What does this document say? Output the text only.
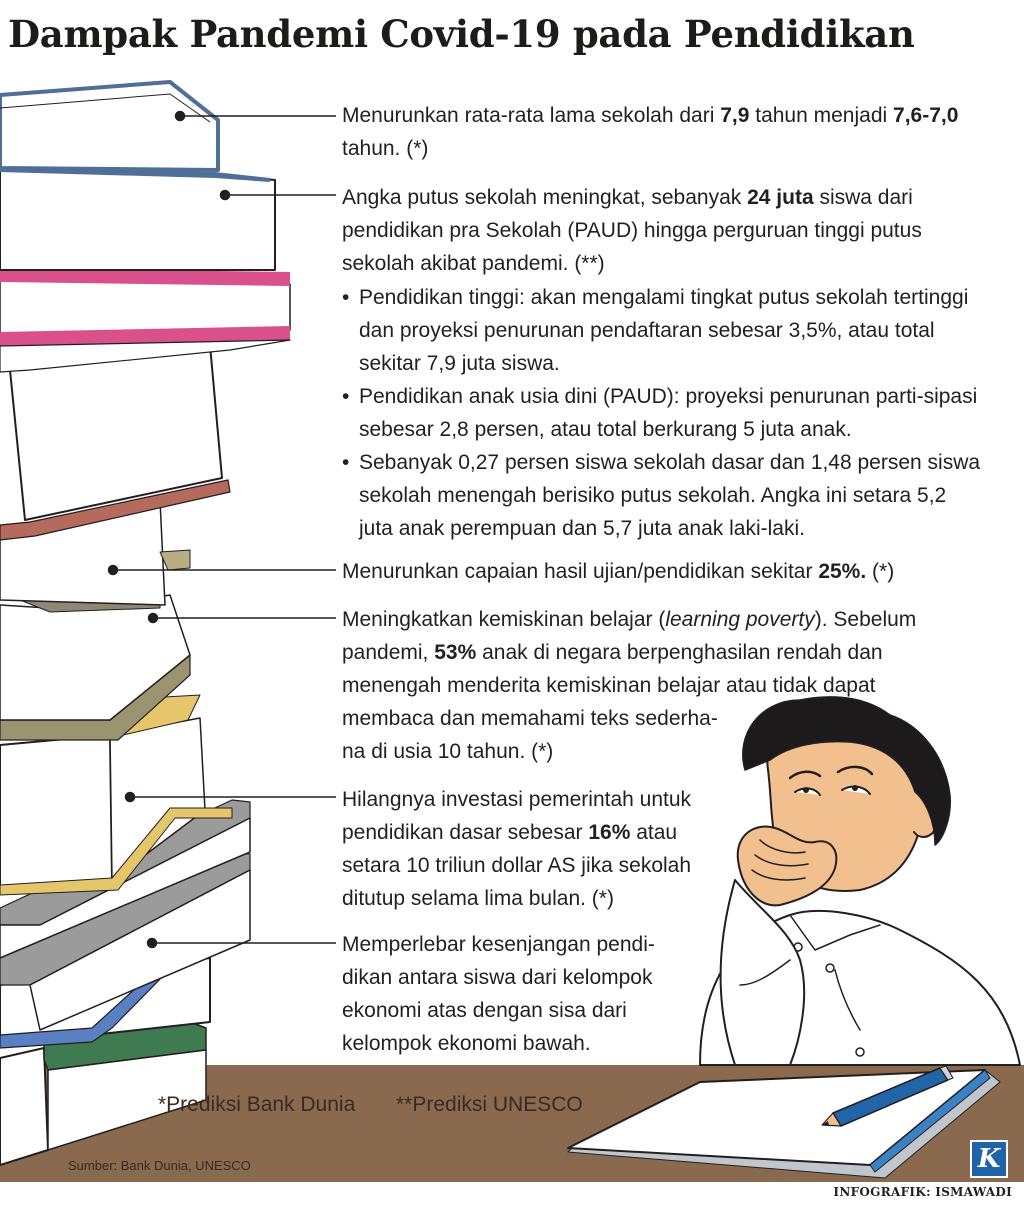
Dampak Pandemi Covid-19 pada Pendidikan

Menurunkan rata-rata lama sekolah dari 7,9 tahun menjadi 7,6-7,0 tahun. (*)

Angka putus sekolah meningkat, sebanyak 24 juta siswa dari pendidikan pra Sekolah (PAUD) hingga perguruan tinggi putus sekolah akibat pandemi. (**)

• Pendidikan tinggi: akan mengalami tingkat putus sekolah tertinggi dan proyeksi penurunan pendaftaran sebesar 3,5%, atau total sekitar 7,9 juta siswa.
• Pendidikan anak usia dini (PAUD): proyeksi penurunan parti-sipasi sebesar 2,8 persen, atau total berkurang 5 juta anak.
• Sebanyak 0,27 persen siswa sekolah dasar dan 1,48 persen siswa sekolah menengah berisiko putus sekolah. Angka ini setara 5,2 juta anak perempuan dan 5,7 juta anak laki-laki.

Menurunkan capaian hasil ujian/pendidikan sekitar 25%. (*)

Meningkatkan kemiskinan belajar (learning poverty). Sebelum pandemi, 53% anak di negara berpenghasilan rendah dan menengah menderita kemiskinan belajar atau tidak dapat membaca dan memahami teks sederha-

na di usia 10 tahun. (*)

Hilangnya investasi pemerintah untuk pendidikan dasar sebesar 16% atau setara 10 triliun dollar AS jika sekolah ditutup selama lima bulan. (*)

Memperlebar kesenjangan pendi-dikan antara siswa dari kelompok ekonomi atas dengan sisa dari kelompok ekonomi bawah.

*Prediksi Bank Dunia **Prediksi UNESCO
Sumber: Bank Dunia, UNESCO	K
INFOGRAFIK: ISMAWADI
